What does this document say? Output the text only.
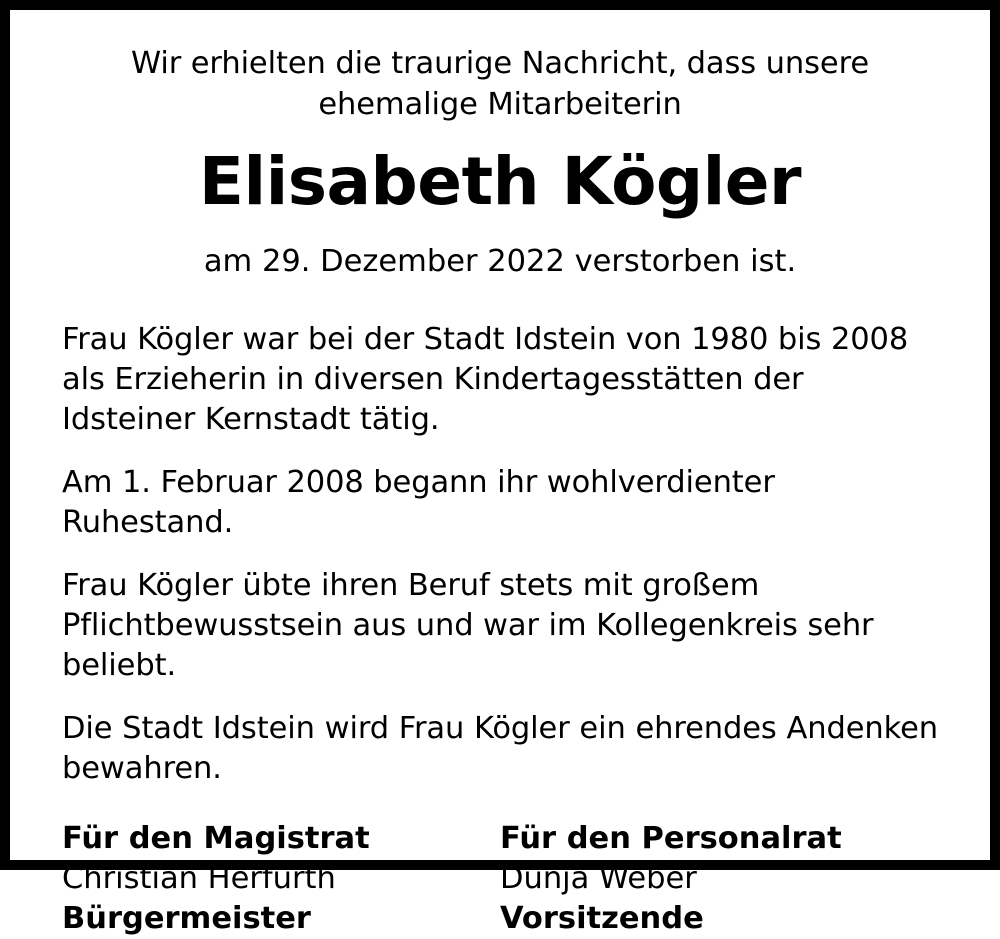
Wir erhielten die traurige Nachricht, dass unsere ehemalige Mitarbeiterin
Elisabeth Kögler
am 29. Dezember 2022 verstorben ist.

Frau Kögler war bei der Stadt Idstein von 1980 bis 2008 als Erzieherin in diversen Kindertagesstätten der Idsteiner Kernstadt tätig.

Am 1. Februar 2008 begann ihr wohlverdienter Ruhestand.

Frau Kögler übte ihren Beruf stets mit großem Pflichtbewusstsein aus und war im Kollegenkreis sehr beliebt.

Die Stadt Idstein wird Frau Kögler ein ehrendes Andenken bewahren.

Für den Magistrat
Christian Herfurth
Bürgermeister
Für den Personalrat
Dunja Weber
Vorsitzende
